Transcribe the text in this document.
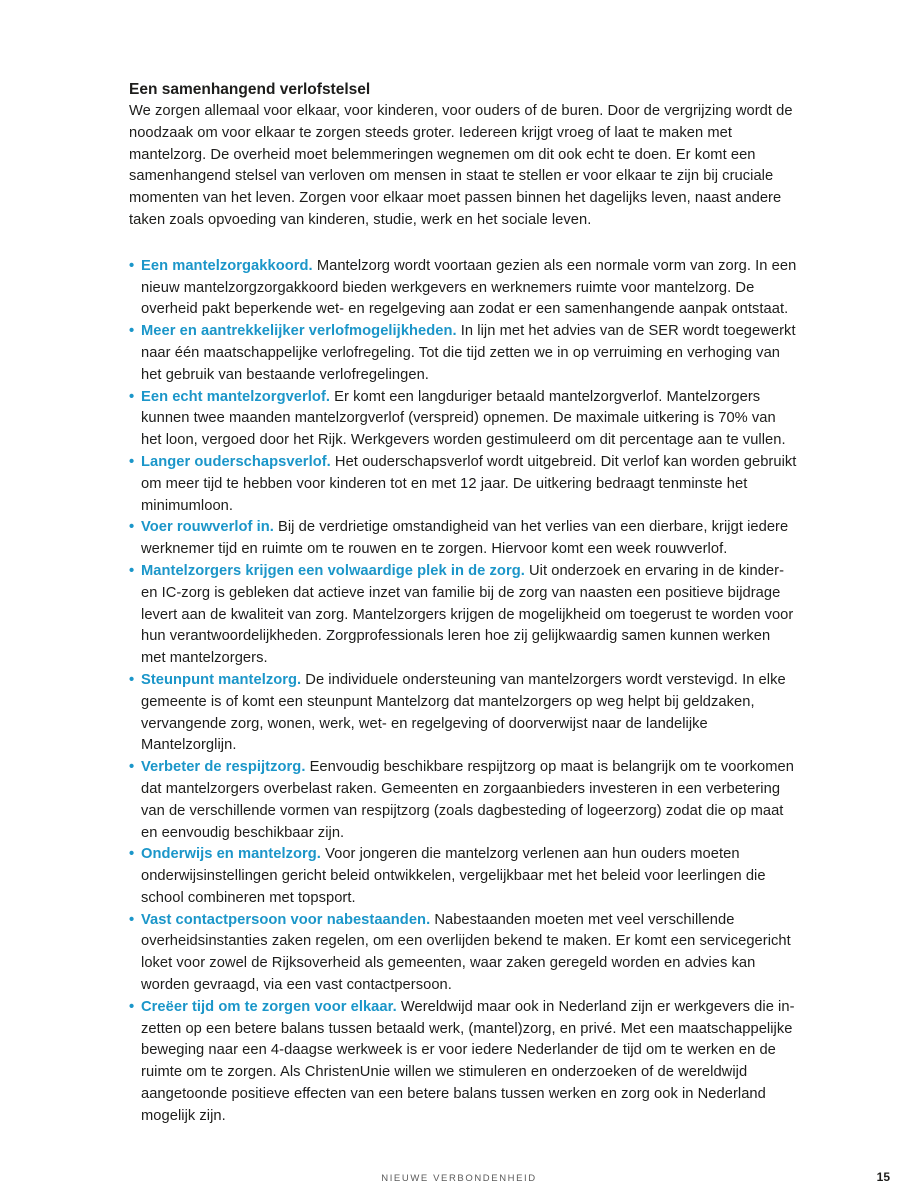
Een samenhangend verlofstelsel

We zorgen allemaal voor elkaar, voor kinderen, voor ouders of de buren. Door de vergrijzing wordt de noodzaak om voor elkaar te zorgen steeds groter. Iedereen krijgt vroeg of laat te maken met mantelzorg. De overheid moet belemmeringen wegnemen om dit ook echt te doen. Er komt een samenhangend stelsel van verloven om mensen in staat te stellen er voor elkaar te zijn bij cruciale momenten van het leven. Zorgen voor elkaar moet passen binnen het dagelijks leven, naast andere taken zoals opvoeding van kinderen, studie, werk en het sociale leven.

• Een mantelzorgakkoord. Mantelzorg wordt voortaan gezien als een normale vorm van zorg. In een nieuw mantelzorgzorgakkoord bieden werkgevers en werknemers ruimte voor mantelzorg. De overheid pakt beperkende wet- en regelgeving aan zodat er een samenhangende aanpak ontstaat.
• Meer en aantrekkelijker verlofmogelijkheden. In lijn met het advies van de SER wordt toegewerkt naar één maatschappelijke verlofregeling. Tot die tijd zetten we in op verruiming en verhoging van het gebruik van bestaande verlofregelingen.
• Een echt mantelzorgverlof. Er komt een langduriger betaald mantelzorgverlof. Mantelzorgers kunnen twee maanden mantelzorgverlof (verspreid) opnemen. De maximale uitkering is 70% van het loon, vergoed door het Rijk. Werkgevers worden gestimuleerd om dit percentage aan te vullen.
• Langer ouderschapsverlof. Het ouderschapsverlof wordt uitgebreid. Dit verlof kan worden gebruikt om meer tijd te hebben voor kinderen tot en met 12 jaar. De uitkering bedraagt tenminste het minimumloon.
• Voer rouwverlof in. Bij de verdrietige omstandigheid van het verlies van een dierbare, krijgt iedere werknemer tijd en ruimte om te rouwen en te zorgen. Hiervoor komt een week rouwverlof.
• Mantelzorgers krijgen een volwaardige plek in de zorg. Uit onderzoek en ervaring in de kinder- en IC-zorg is gebleken dat actieve inzet van familie bij de zorg van naasten een positieve bijdrage levert aan de kwaliteit van zorg. Mantelzorgers krijgen de mogelijkheid om toegerust te worden voor hun verantwoordelijkheden. Zorgprofessionals leren hoe zij gelijkwaardig samen kunnen werken met mantelzorgers.
• Steunpunt mantelzorg. De individuele ondersteuning van mantelzorgers wordt verstevigd. In elke gemeente is of komt een steunpunt Mantelzorg dat mantelzorgers op weg helpt bij geldzaken, vervangende zorg, wonen, werk, wet- en regelgeving of doorverwijst naar de landelijke Mantelzorglijn.
• Verbeter de respijtzorg. Eenvoudig beschikbare respijtzorg op maat is belangrijk om te voorkomen dat mantelzorgers overbelast raken. Gemeenten en zorgaanbieders investeren in een verbetering van de verschillende vormen van respijtzorg (zoals dagbesteding of logeerzorg) zodat die op maat en eenvoudig beschikbaar zijn.
• Onderwijs en mantelzorg. Voor jongeren die mantelzorg verlenen aan hun ouders moeten onderwijsinstellingen gericht beleid ontwikkelen, vergelijkbaar met het beleid voor leerlingen die school combineren met topsport.
• Vast contactpersoon voor nabestaanden. Nabestaanden moeten met veel verschillende overheidsinstanties zaken regelen, om een overlijden bekend te maken. Er komt een servicegericht loket voor zowel de Rijksoverheid als gemeenten, waar zaken geregeld worden en advies kan worden gevraagd, via een vast contactpersoon.
• Creëer tijd om te zorgen voor elkaar. Wereldwijd maar ook in Nederland zijn er werkgevers die inzetten op een betere balans tussen betaald werk, (mantel)zorg, en privé. Met een maatschappelijke beweging naar een 4-daagse werkweek is er voor iedere Nederlander de tijd om te werken en de ruimte om te zorgen. Als ChristenUnie willen we stimuleren en onderzoeken of de wereldwijd aangetoonde positieve effecten van een betere balans tussen werken en zorg ook in Nederland mogelijk zijn.
NIEUWE VERBONDENHEID	15
